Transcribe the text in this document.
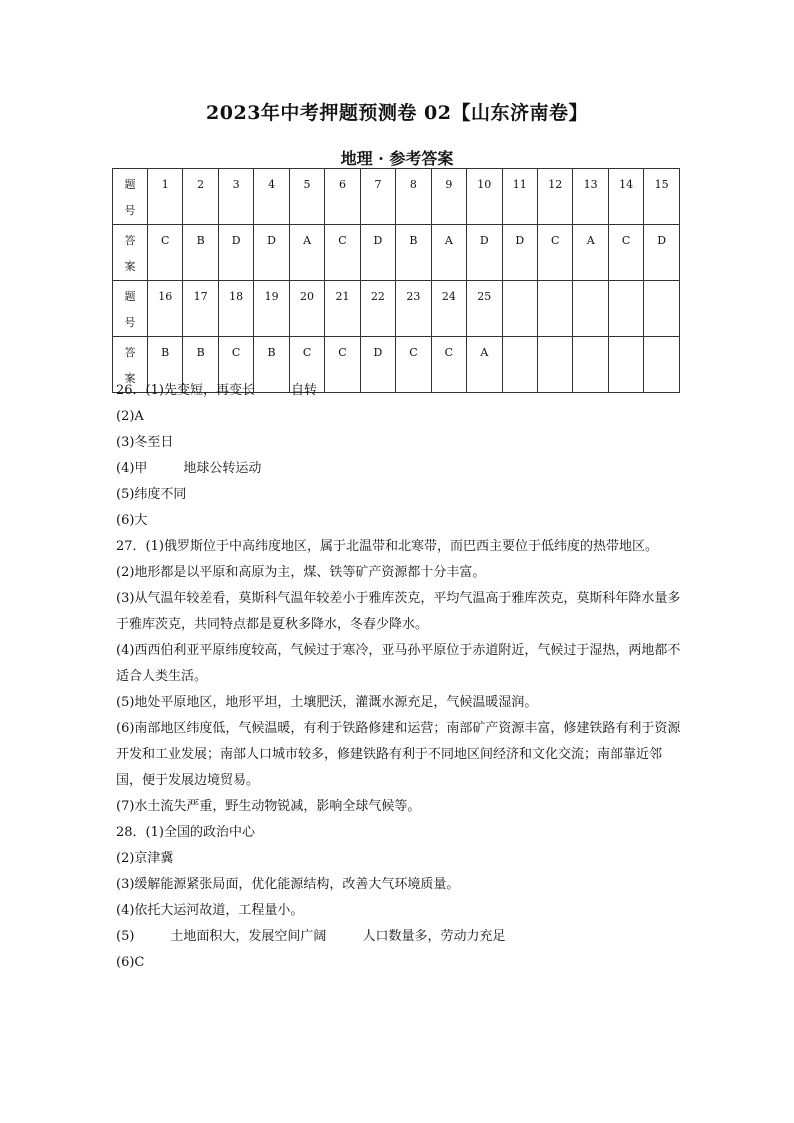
2023年中考押题预测卷 02【山东济南卷】
地理 · 参考答案
题
号	1	2	3	4	5	6	7	8	9	10	11	12	13	14	15

答
案	C	B	D	D	A	C	D	B	A	D	D	C	A	C	D

题
号	16	17	18	19	20	21	22	23	24	25					

答
案	B	B	C	B	C	C	D	C	C	A					
26．(1)先变短，再变长	自转
(2)A
(3)冬至日
(4)甲	地球公转运动
(5)纬度不同
(6)大
27．(1)俄罗斯位于中高纬度地区，属于北温带和北寒带，而巴西主要位于低纬度的热带地区。
(2)地形都是以平原和高原为主，煤、铁等矿产资源都十分丰富。
(3)从气温年较差看，莫斯科气温年较差小于雅库茨克，平均气温高于雅库茨克，莫斯科年降水量多于雅库茨克，共同特点都是夏秋多降水，冬春少降水。
(4)西西伯利亚平原纬度较高，气候过于寒冷，亚马孙平原位于赤道附近，气候过于湿热，两地都不适合人类生活。
(5)地处平原地区，地形平坦，土壤肥沃，灌溉水源充足，气候温暖湿润。
(6)南部地区纬度低，气候温暖，有利于铁路修建和运营；南部矿产资源丰富，修建铁路有利于资源开发和工业发展；南部人口城市较多，修建铁路有利于不同地区间经济和文化交流；南部靠近邻国，便于发展边境贸易。
(7)水土流失严重，野生动物锐减，影响全球气候等。
28．(1)全国的政治中心
(2)京津冀
(3)缓解能源紧张局面，优化能源结构，改善大气环境质量。
(4)依托大运河故道，工程量小。
(5)	土地面积大，发展空间广阔	人口数量多，劳动力充足
(6)C
